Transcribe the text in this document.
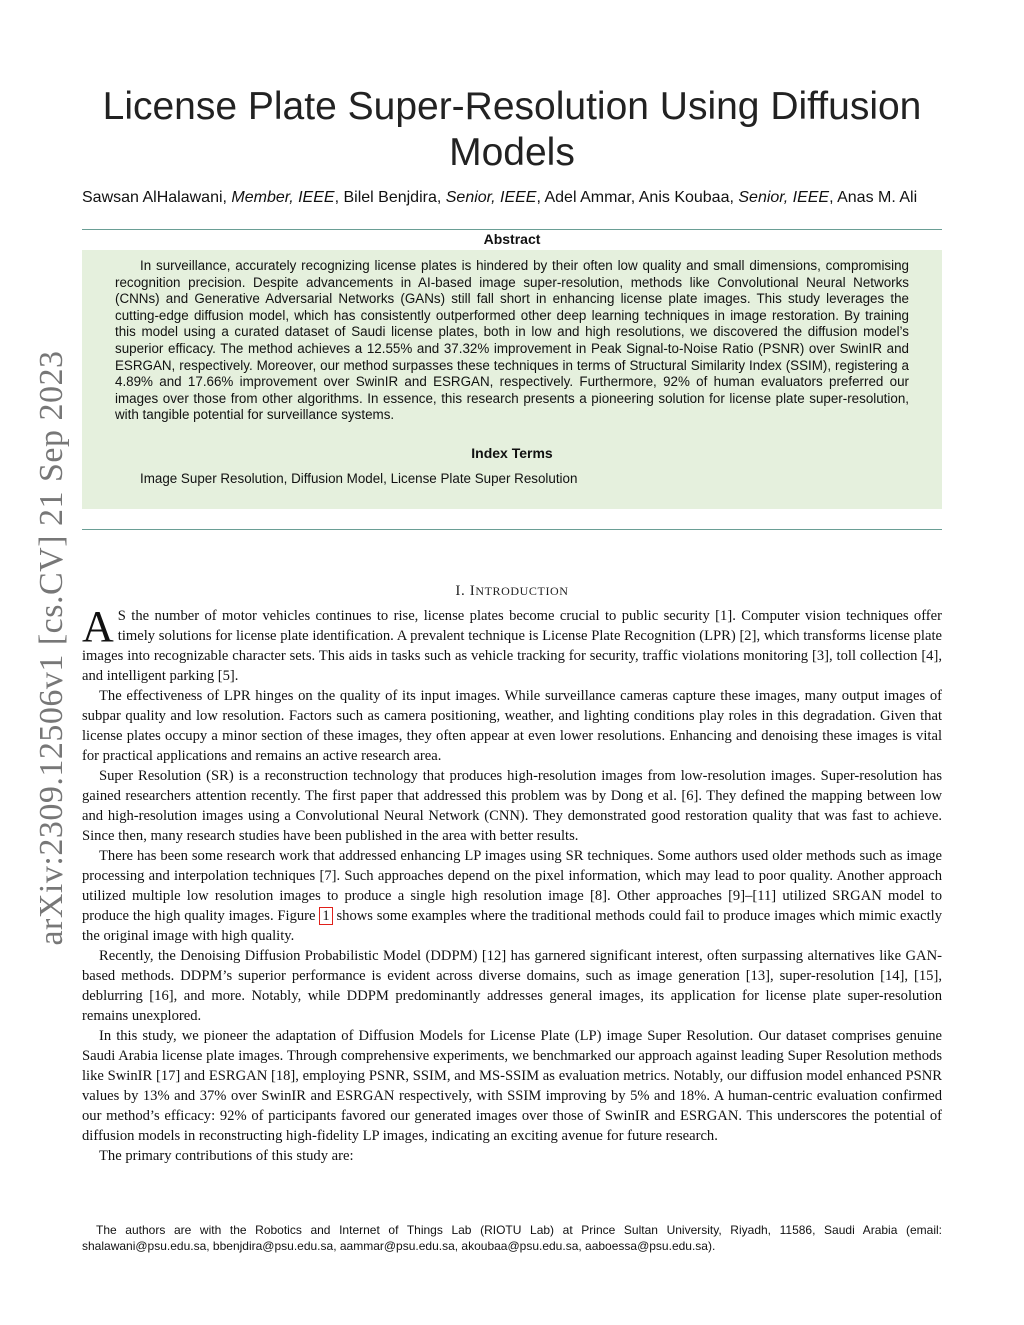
arXiv:2309.12506v1 [cs.CV] 21 Sep 2023
License Plate Super-Resolution Using Diffusion Models
Sawsan AlHalawani, Member, IEEE, Bilel Benjdira, Senior, IEEE, Adel Ammar, Anis Koubaa, Senior, IEEE, Anas M. Ali
Abstract

In surveillance, accurately recognizing license plates is hindered by their often low quality and small dimensions, compromising recognition precision. Despite advancements in AI-based image super-resolution, methods like Convolutional Neural Networks (CNNs) and Generative Adversarial Networks (GANs) still fall short in enhancing license plate images. This study leverages the cutting-edge diffusion model, which has consistently outperformed other deep learning techniques in image restoration. By training this model using a curated dataset of Saudi license plates, both in low and high resolutions, we discovered the diffusion model’s superior efficacy. The method achieves a 12.55% and 37.32% improvement in Peak Signal-to-Noise Ratio (PSNR) over SwinIR and ESRGAN, respectively. Moreover, our method surpasses these techniques in terms of Structural Similarity Index (SSIM), registering a 4.89% and 17.66% improvement over SwinIR and ESRGAN, respectively. Furthermore, 92% of human evaluators preferred our images over those from other algorithms. In essence, this research presents a pioneering solution for license plate super-resolution, with tangible potential for surveillance systems.

Index Terms
Image Super Resolution, Diffusion Model, License Plate Super Resolution
I. INTRODUCTION

A S the number of motor vehicles continues to rise, license plates become crucial to public security [1]. Computer vision techniques offer timely solutions for license plate identification. A prevalent technique is License Plate Recognition (LPR) [2], which transforms license plate images into recognizable character sets. This aids in tasks such as vehicle tracking for security, traffic violations monitoring [3], toll collection [4], and intelligent parking [5].

The effectiveness of LPR hinges on the quality of its input images. While surveillance cameras capture these images, many output images of subpar quality and low resolution. Factors such as camera positioning, weather, and lighting conditions play roles in this degradation. Given that license plates occupy a minor section of these images, they often appear at even lower resolutions. Enhancing and denoising these images is vital for practical applications and remains an active research area.

Super Resolution (SR) is a reconstruction technology that produces high-resolution images from low-resolution images. Super-resolution has gained researchers attention recently. The first paper that addressed this problem was by Dong et al. [6]. They defined the mapping between low and high-resolution images using a Convolutional Neural Network (CNN). They demonstrated good restoration quality that was fast to achieve. Since then, many research studies have been published in the area with better results.

There has been some research work that addressed enhancing LP images using SR techniques. Some authors used older methods such as image processing and interpolation techniques [7]. Such approaches depend on the pixel information, which may lead to poor quality. Another approach utilized multiple low resolution images to produce a single high resolution image [8]. Other approaches [9]–[11] utilized SRGAN model to produce the high quality images. Figure 1 shows some examples where the traditional methods could fail to produce images which mimic exactly the original image with high quality.

Recently, the Denoising Diffusion Probabilistic Model (DDPM) [12] has garnered significant interest, often surpassing alternatives like GAN-based methods. DDPM’s superior performance is evident across diverse domains, such as image generation [13], super-resolution [14], [15], deblurring [16], and more. Notably, while DDPM predominantly addresses general images, its application for license plate super-resolution remains unexplored.

In this study, we pioneer the adaptation of Diffusion Models for License Plate (LP) image Super Resolution. Our dataset comprises genuine Saudi Arabia license plate images. Through comprehensive experiments, we benchmarked our approach against leading Super Resolution methods like SwinIR [17] and ESRGAN [18], employing PSNR, SSIM, and MS-SSIM as evaluation metrics. Notably, our diffusion model enhanced PSNR values by 13% and 37% over SwinIR and ESRGAN respectively, with SSIM improving by 5% and 18%. A human-centric evaluation confirmed our method’s efficacy: 92% of participants favored our generated images over those of SwinIR and ESRGAN. This underscores the potential of diffusion models in reconstructing high-fidelity LP images, indicating an exciting avenue for future research.

The primary contributions of this study are:

The authors are with the Robotics and Internet of Things Lab (RIOTU Lab) at Prince Sultan University, Riyadh, 11586, Saudi Arabia (email: shalawani@psu.edu.sa, bbenjdira@psu.edu.sa, aammar@psu.edu.sa, akoubaa@psu.edu.sa, aaboessa@psu.edu.sa).
